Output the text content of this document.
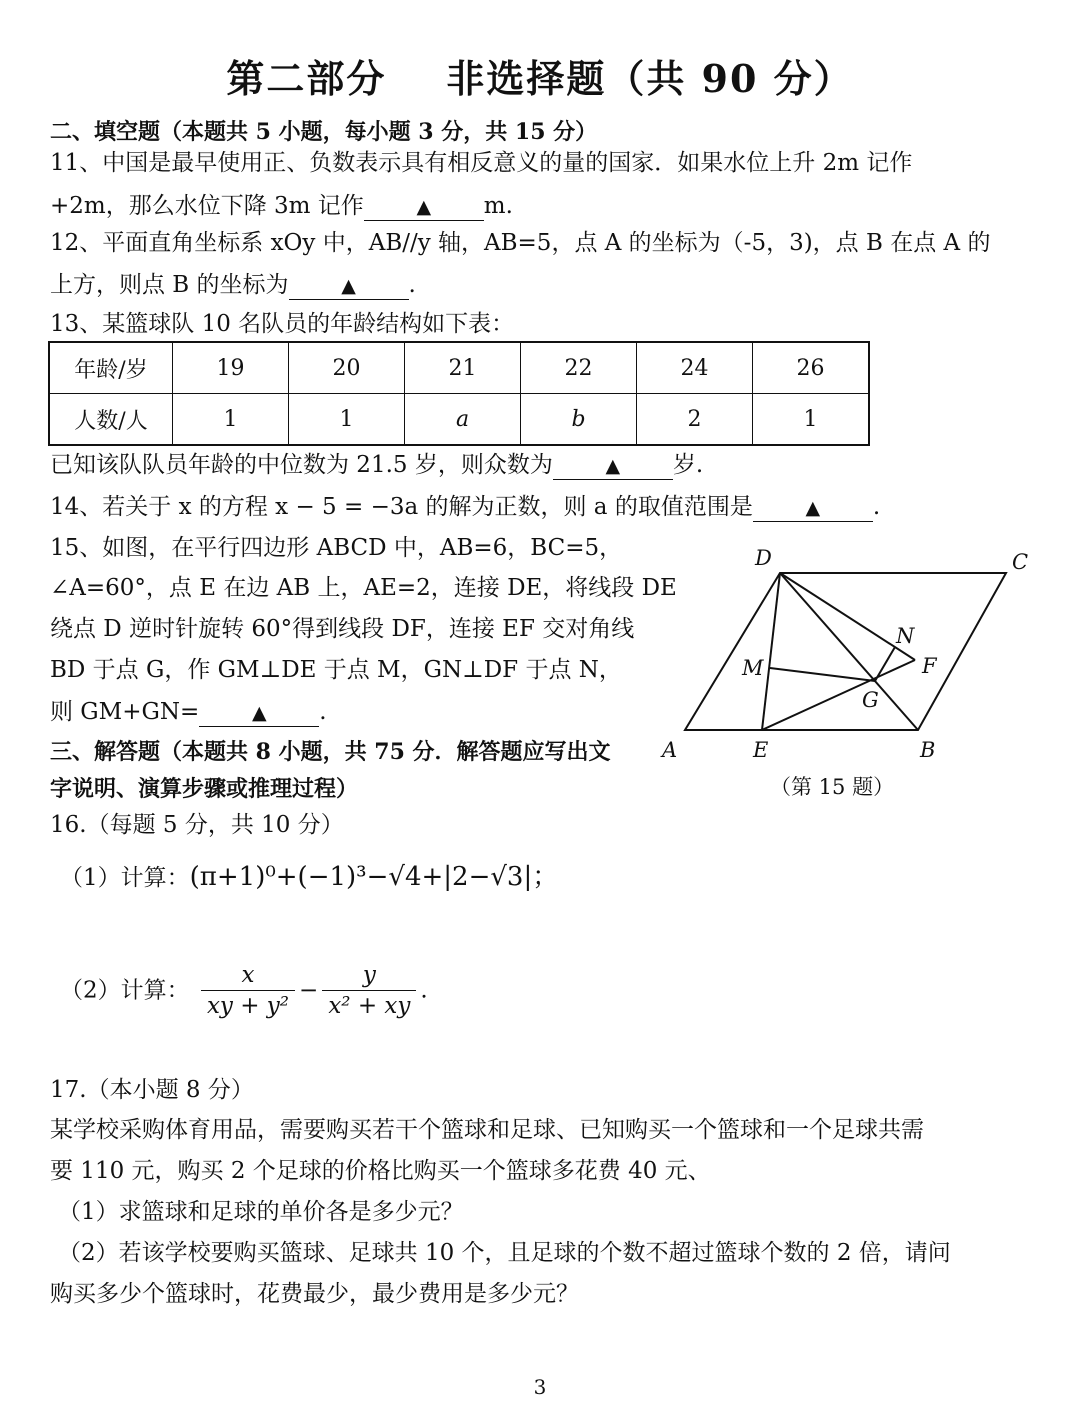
第二部分 非选择题（共 90 分）
二、填空题（本题共 5 小题，每小题 3 分，共 15 分）
11、中国是最早使用正、负数表示具有相反意义的量的国家．如果水位上升 2m 记作
+2m，那么水位下降 3m 记作	▲ m.
12、平面直角坐标系 xOy 中，AB//y 轴，AB=5，点 A 的坐标为（-5，3)，点 B 在点 A 的
上方，则点 B 的坐标为	▲ .
13、某篮球队 10 名队员的年龄结构如下表：
年龄/岁	19	20	21	22	24	26
人数/人	1	1	a	b	2	1
已知该队队员年龄的中位数为 21.5 岁，则众数为	▲ 岁.
14、若关于 x 的方程 x − 5 = −3a 的解为正数，则 a 的取值范围是	▲ .
15、如图，在平行四边形 ABCD 中，AB=6，BC=5，
∠A=60°，点 E 在边 AB 上，AE=2，连接 DE，将线段 DE
绕点 D 逆时针旋转 60°得到线段 DF，连接 EF 交对角线
BD 于点 G，作 GM⊥DE 于点 M，GN⊥DF 于点 N，
则 GM+GN=	▲ .
A	B
C
D
E
F
G
M
N
（第 15 题）
三、解答题（本题共 8 小题，共 75 分．解答题应写出文
字说明、演算步骤或推理过程）
16.（每题 5 分，共 10 分）
（1）计算：(π+1)⁰+(−1)³−√4+|2−√3|；
（2）计算： $\frac{x}{\text{xy + y²}} - \frac{y}{\text{x² + xy}}$ .
17.（本小题 8 分）
某学校采购体育用品，需要购买若干个篮球和足球、已知购买一个篮球和一个足球共需
要 110 元，购买 2 个足球的价格比购买一个篮球多花费 40 元、
（1）求篮球和足球的单价各是多少元？
（2）若该学校要购买篮球、足球共 10 个，且足球的个数不超过篮球个数的 2 倍，请问
购买多少个篮球时，花费最少，最少费用是多少元？
3
